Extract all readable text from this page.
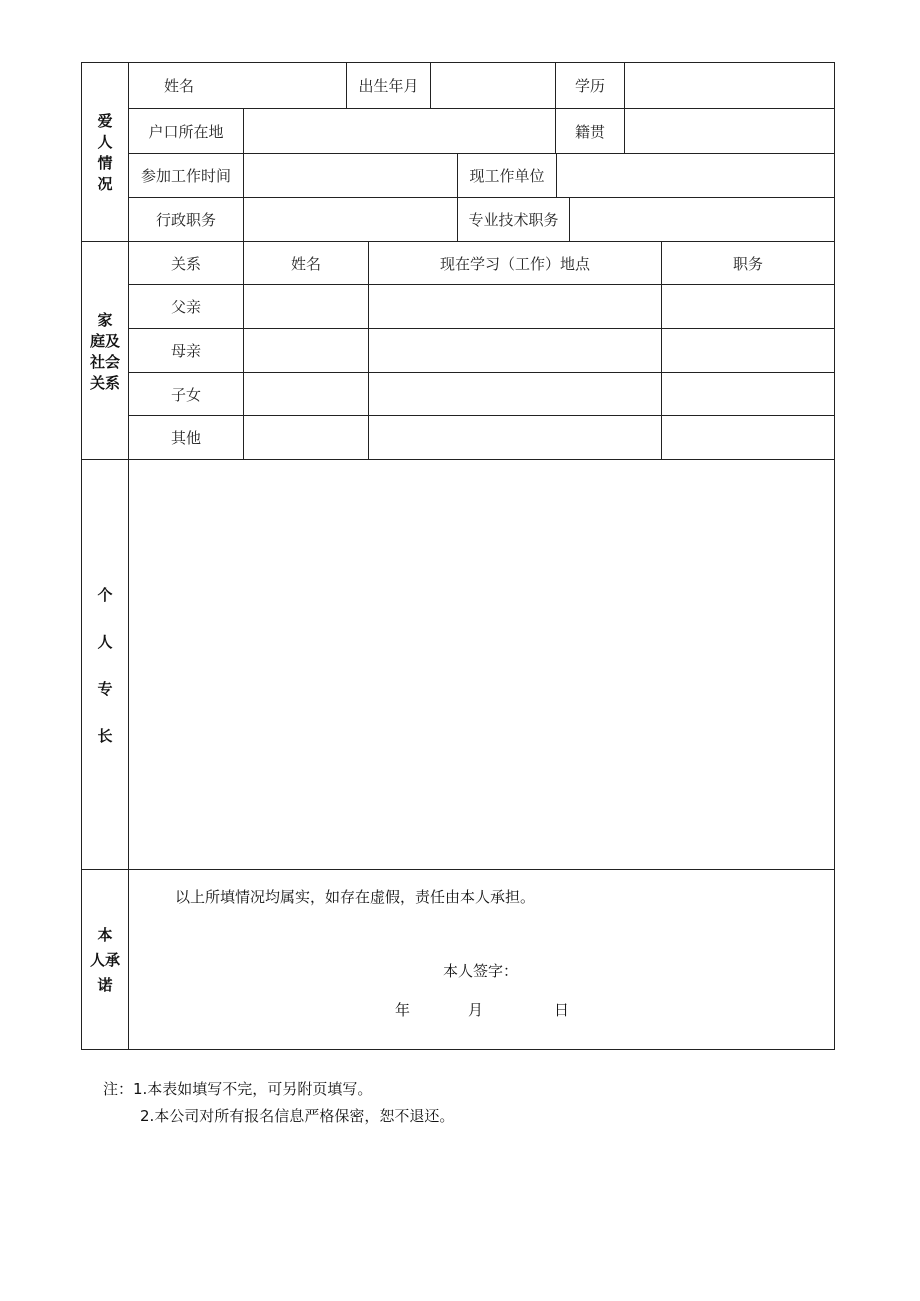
爱
人
情
况
姓名	出生年月	学历
户口所在地	籍贯
参加工作时间	现工作单位
行政职务	专业技术职务
家
庭及
社会
关系
关系	姓名	现在学习（工作）地点	职务
父亲
母亲
子女
其他
个
人
专
长
本
人承
诺
以上所填情况均属实，如存在虚假，责任由本人承担。
本人签字：
年	月	日
注：1.本表如填写不完，可另附页填写。
2.本公司对所有报名信息严格保密，恕不退还。
